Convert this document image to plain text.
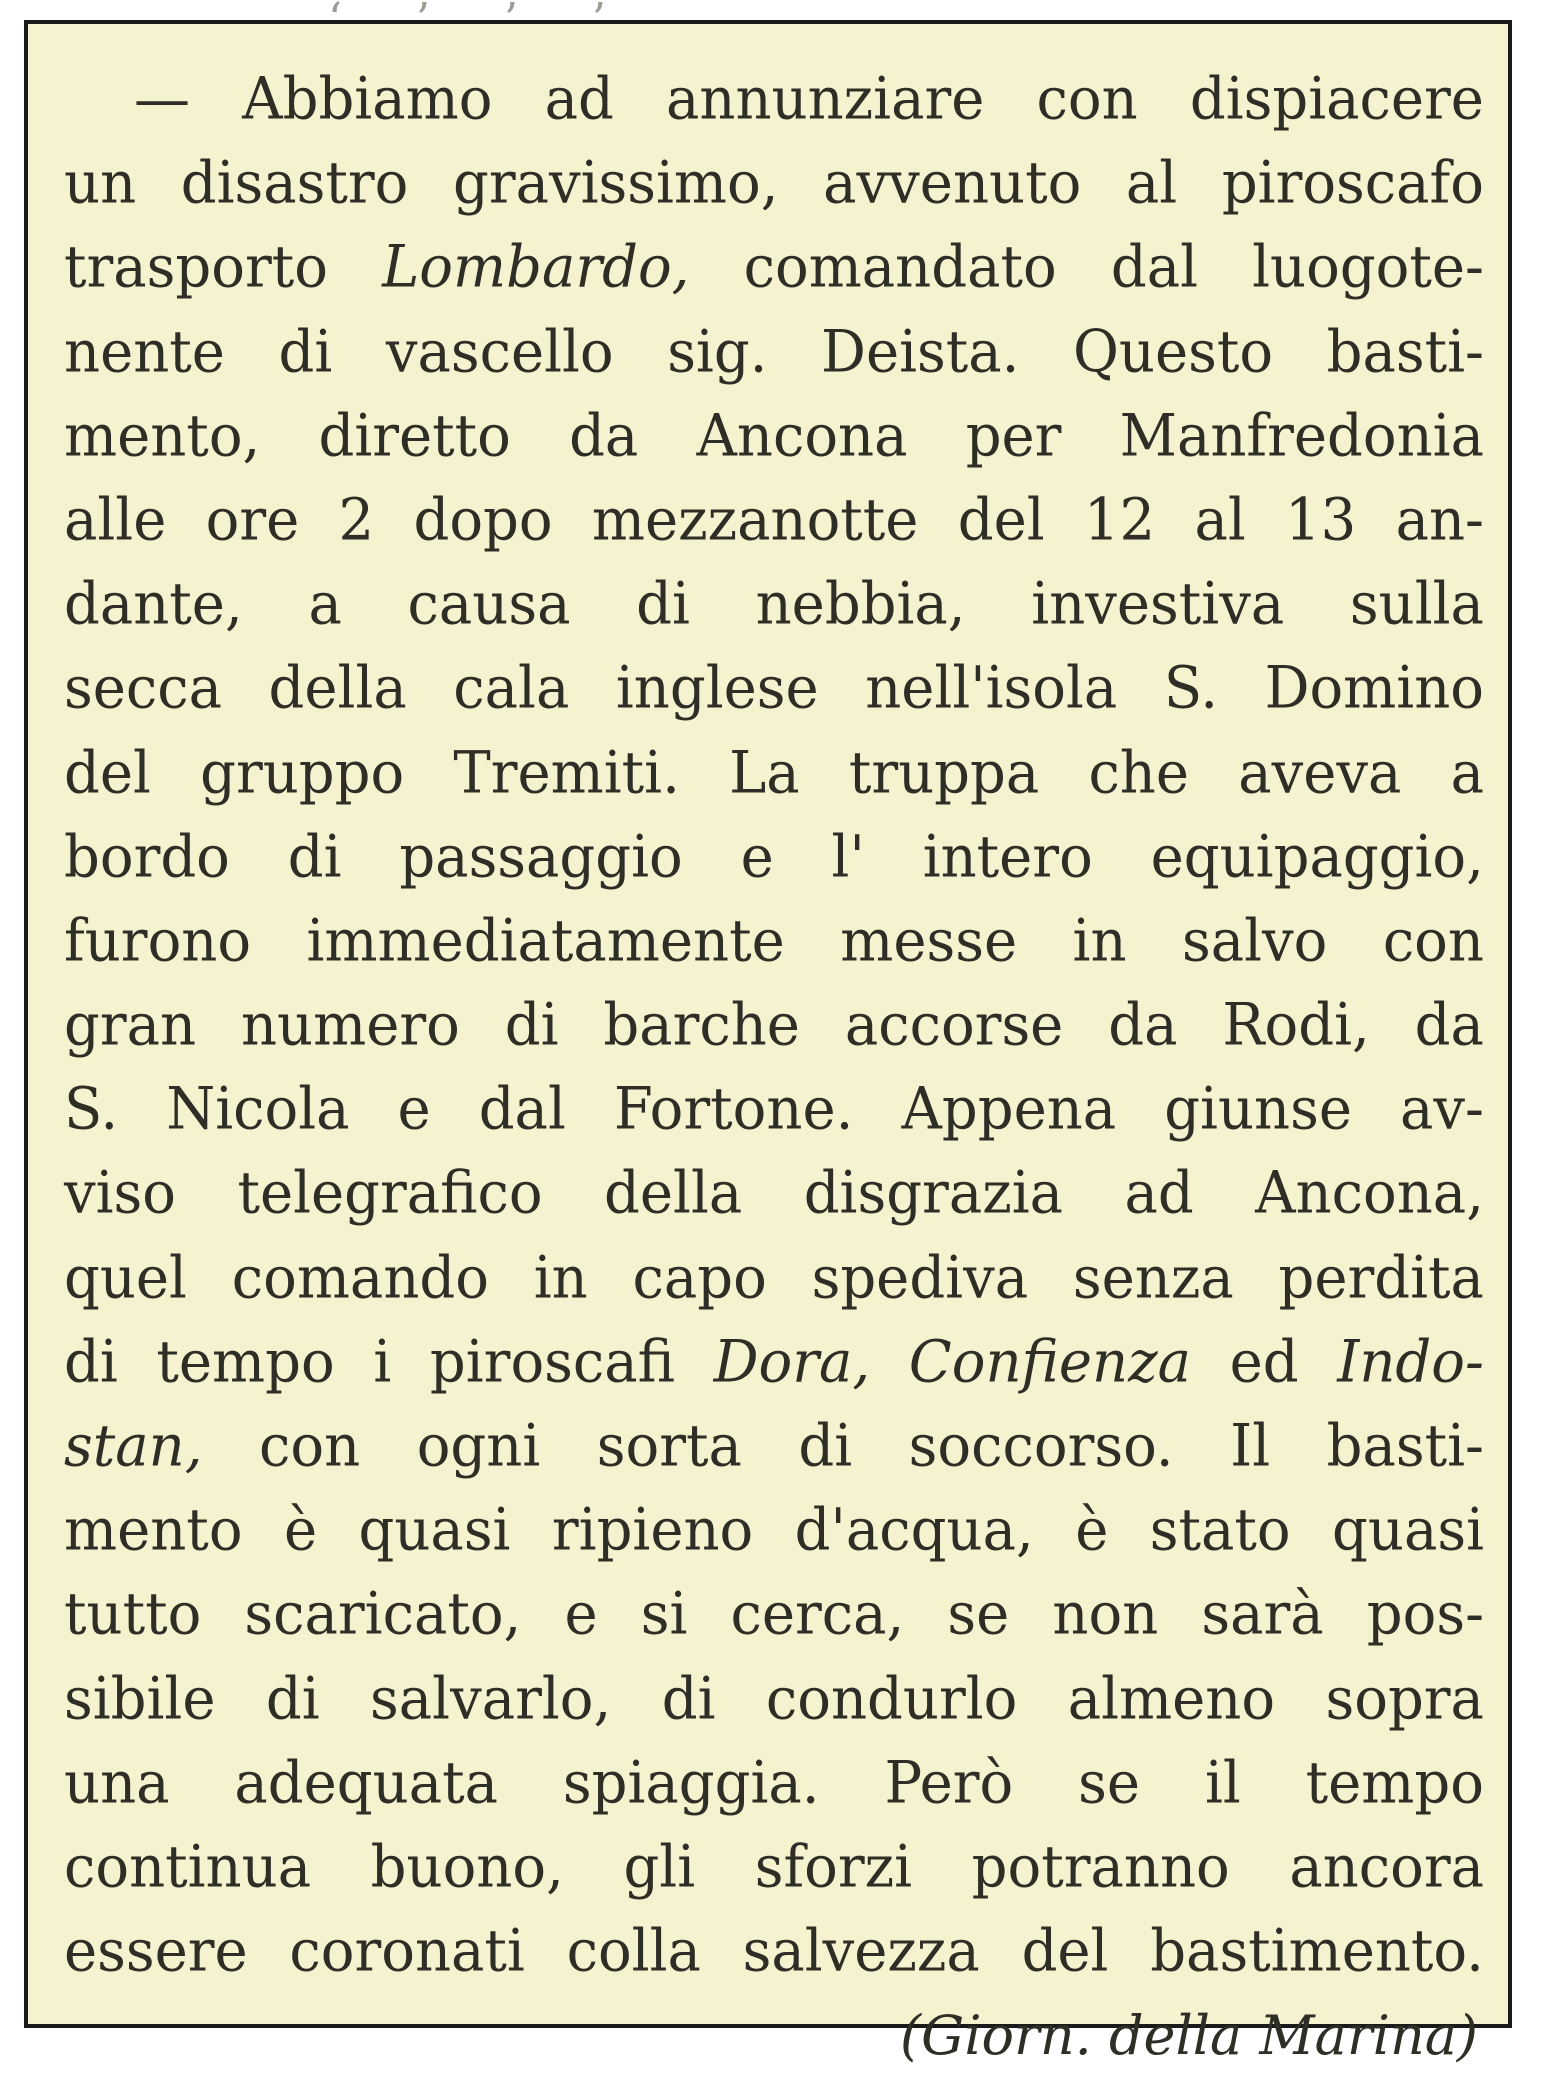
‘ ’ ’ ’
— Abbiamo ad annunziare con dispiacere
un disastro gravissimo, avvenuto al piroscafo
trasporto Lombardo, comandato dal luogote-
nente di vascello sig. Deista. Questo basti-
mento, diretto da Ancona per Manfredonia
alle ore 2 dopo mezzanotte del 12 al 13 an-
dante, a causa di nebbia, investiva sulla
secca della cala inglese nell'isola S. Domino
del gruppo Tremiti. La truppa che aveva a
bordo di passaggio e l' intero equipaggio,
furono immediatamente messe in salvo con
gran numero di barche accorse da Rodi, da
S. Nicola e dal Fortone. Appena giunse av-
viso telegrafico della disgrazia ad Ancona,
quel comando in capo spediva senza perdita
di tempo i piroscafi Dora, Confienza ed Indo-
stan, con ogni sorta di soccorso. Il basti-
mento è quasi ripieno d'acqua, è stato quasi
tutto scaricato, e si cerca, se non sarà pos-
sibile di salvarlo, di condurlo almeno sopra
una adequata spiaggia. Però se il tempo
continua buono, gli sforzi potranno ancora
essere coronati colla salvezza del bastimento.
(Giorn. della Marina)
